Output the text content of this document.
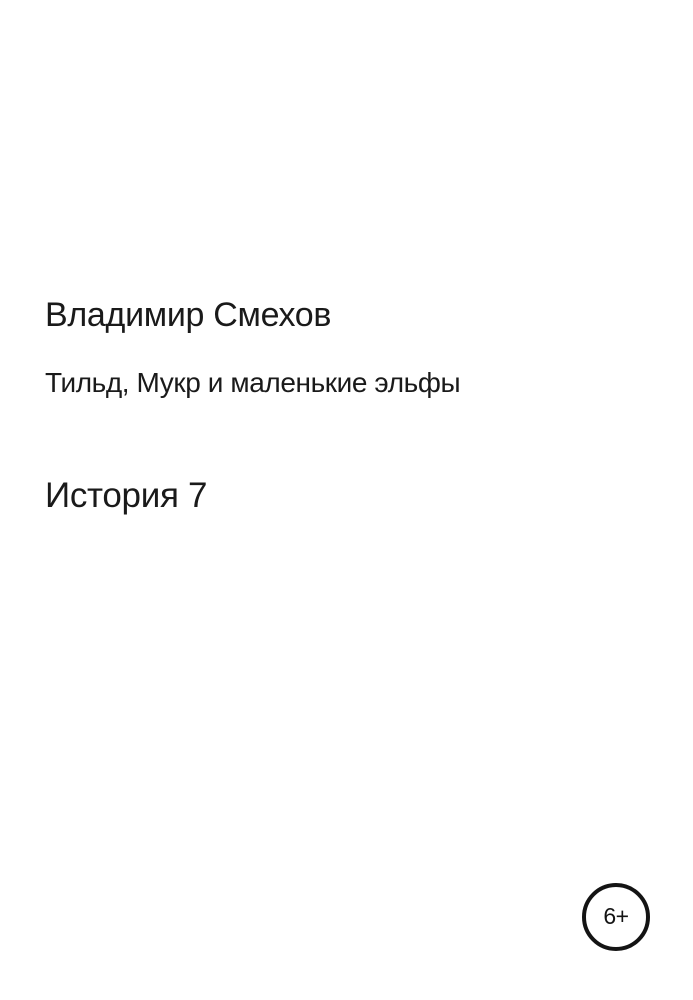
Владимир Смехов
Тильд, Мукр и маленькие эльфы
История 7
6+
